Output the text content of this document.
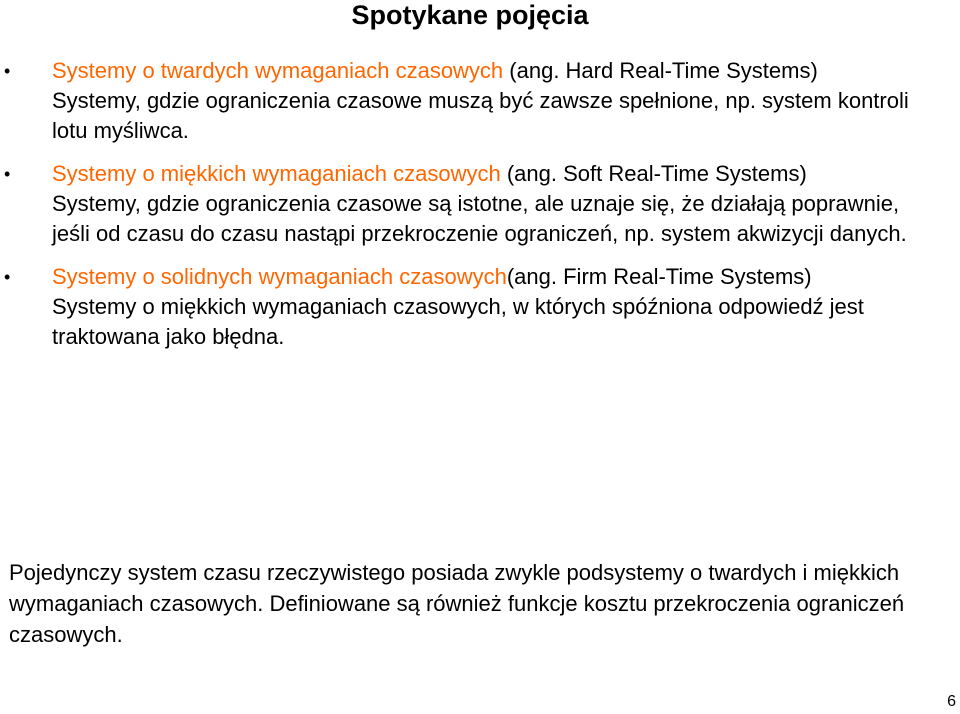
Spotykane pojęcia
•	Systemy o twardych wymaganiach czasowych (ang. Hard Real-Time Systems)
Systemy, gdzie ograniczenia czasowe muszą być zawsze spełnione, np. system kontroli lotu myśliwca.
•	Systemy o miękkich wymaganiach czasowych (ang. Soft Real-Time Systems)
Systemy, gdzie ograniczenia czasowe są istotne, ale uznaje się, że działają poprawnie, jeśli od czasu do czasu nastąpi przekroczenie ograniczeń, np. system akwizycji danych.
•	Systemy o solidnych wymaganiach czasowych(ang. Firm Real-Time Systems)
Systemy o miękkich wymaganiach czasowych, w których spóźniona odpowiedź jest traktowana jako błędna.

Pojedynczy system czasu rzeczywistego posiada zwykle podsystemy o twardych i miękkich wymaganiach czasowych. Definiowane są również funkcje kosztu przekroczenia ograniczeń czasowych.

6
